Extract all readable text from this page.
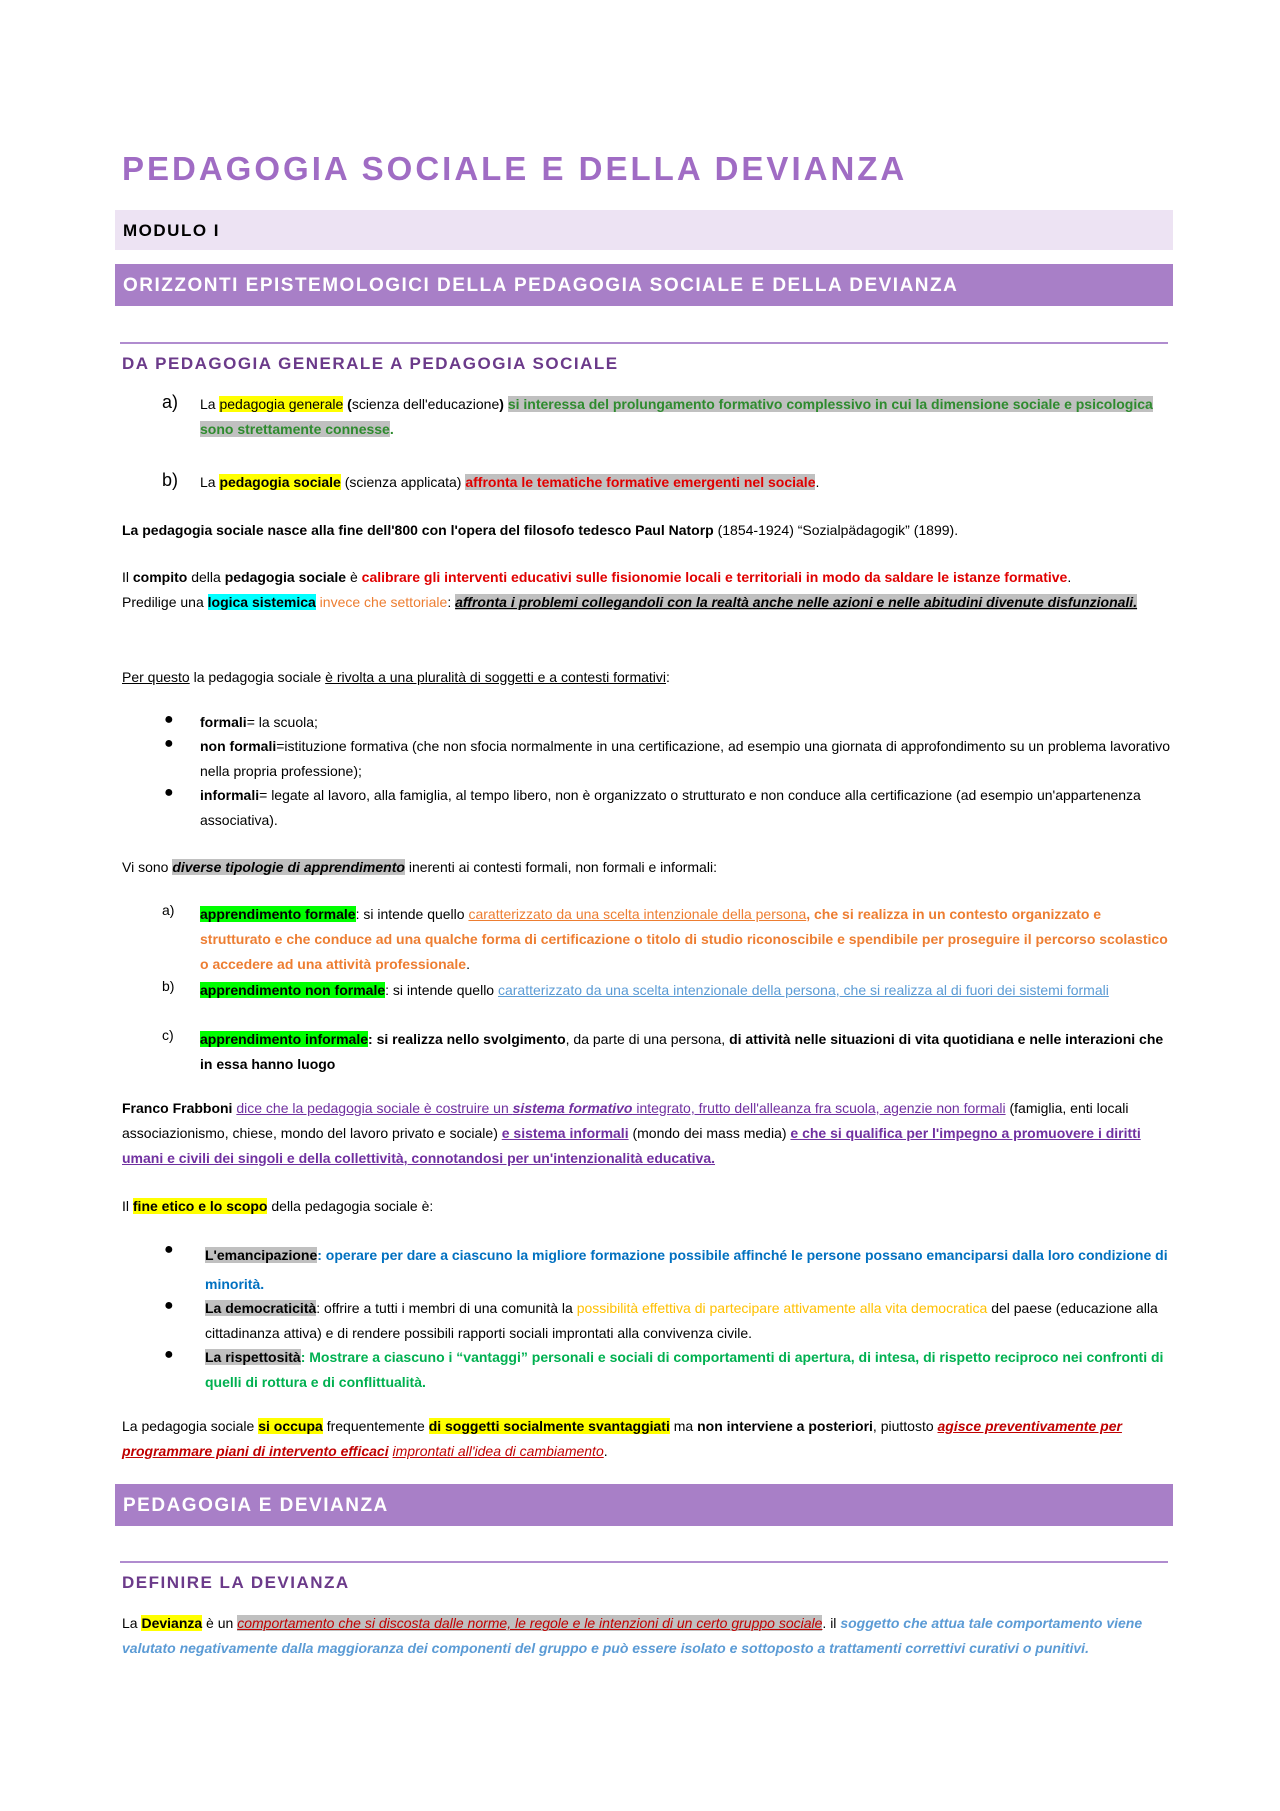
PEDAGOGIA SOCIALE E DELLA DEVIANZA
MODULO I
ORIZZONTI EPISTEMOLOGICI DELLA PEDAGOGIA SOCIALE E DELLA DEVIANZA
DA PEDAGOGIA GENERALE A PEDAGOGIA SOCIALE
a) La pedagogia generale (scienza dell'educazione) si interessa del prolungamento formativo complessivo in cui la dimensione sociale e psicologica sono strettamente connesse.

b) La pedagogia sociale (scienza applicata) affronta le tematiche formative emergenti nel sociale.

La pedagogia sociale nasce alla fine dell'800 con l'opera del filosofo tedesco Paul Natorp (1854-1924) “Sozialpädagogik” (1899).

Il compito della pedagogia sociale è calibrare gli interventi educativi sulle fisionomie locali e territoriali in modo da saldare le istanze formative.
Predilige una logica sistemica invece che settoriale: affronta i problemi collegandoli con la realtà anche nelle azioni e nelle abitudini divenute disfunzionali.

Per questo la pedagogia sociale è rivolta a una pluralità di soggetti e a contesti formativi:

● formali= la scuola;

● non formali=istituzione formativa (che non sfocia normalmente in una certificazione, ad esempio una giornata di approfondimento su un problema lavorativo nella propria professione);

● informali= legate al lavoro, alla famiglia, al tempo libero, non è organizzato o strutturato e non conduce alla certificazione (ad esempio un'appartenenza associativa).

Vi sono diverse tipologie di apprendimento inerenti ai contesti formali, non formali e informali:

a) apprendimento formale: si intende quello caratterizzato da una scelta intenzionale della persona, che si realizza in un contesto organizzato e strutturato e che conduce ad una qualche forma di certificazione o titolo di studio riconoscibile e spendibile per proseguire il percorso scolastico o accedere ad una attività professionale.

b) apprendimento non formale: si intende quello caratterizzato da una scelta intenzionale della persona, che si realizza al di fuori dei sistemi formali

c) apprendimento informale: si realizza nello svolgimento, da parte di una persona, di attività nelle situazioni di vita quotidiana e nelle interazioni che in essa hanno luogo

Franco Frabboni dice che la pedagogia sociale è costruire un sistema formativo integrato, frutto dell'alleanza fra scuola, agenzie non formali (famiglia, enti locali associazionismo, chiese, mondo del lavoro privato e sociale) e sistema informali (mondo dei mass media) e che si qualifica per l'impegno a promuovere i diritti umani e civili dei singoli e della collettività, connotandosi per un'intenzionalità educativa.

Il fine etico e lo scopo della pedagogia sociale è:

● L'emancipazione: operare per dare a ciascuno la migliore formazione possibile affinché le persone possano emanciparsi dalla loro condizione di minorità.

● La democraticità: offrire a tutti i membri di una comunità la possibilità effettiva di partecipare attivamente alla vita democratica del paese (educazione alla cittadinanza attiva) e di rendere possibili rapporti sociali improntati alla convivenza civile.

● La rispettosità: Mostrare a ciascuno i “vantaggi” personali e sociali di comportamenti di apertura, di intesa, di rispetto reciproco nei confronti di quelli di rottura e di conflittualità.

La pedagogia sociale si occupa frequentemente di soggetti socialmente svantaggiati ma non interviene a posteriori, piuttosto agisce preventivamente per programmare piani di intervento efficaci improntati all'idea di cambiamento.

PEDAGOGIA E DEVIANZA
DEFINIRE LA DEVIANZA

La Devianza è un comportamento che si discosta dalle norme, le regole e le intenzioni di un certo gruppo sociale. il soggetto che attua tale comportamento viene valutato negativamente dalla maggioranza dei componenti del gruppo e può essere isolato e sottoposto a trattamenti correttivi curativi o punitivi.
